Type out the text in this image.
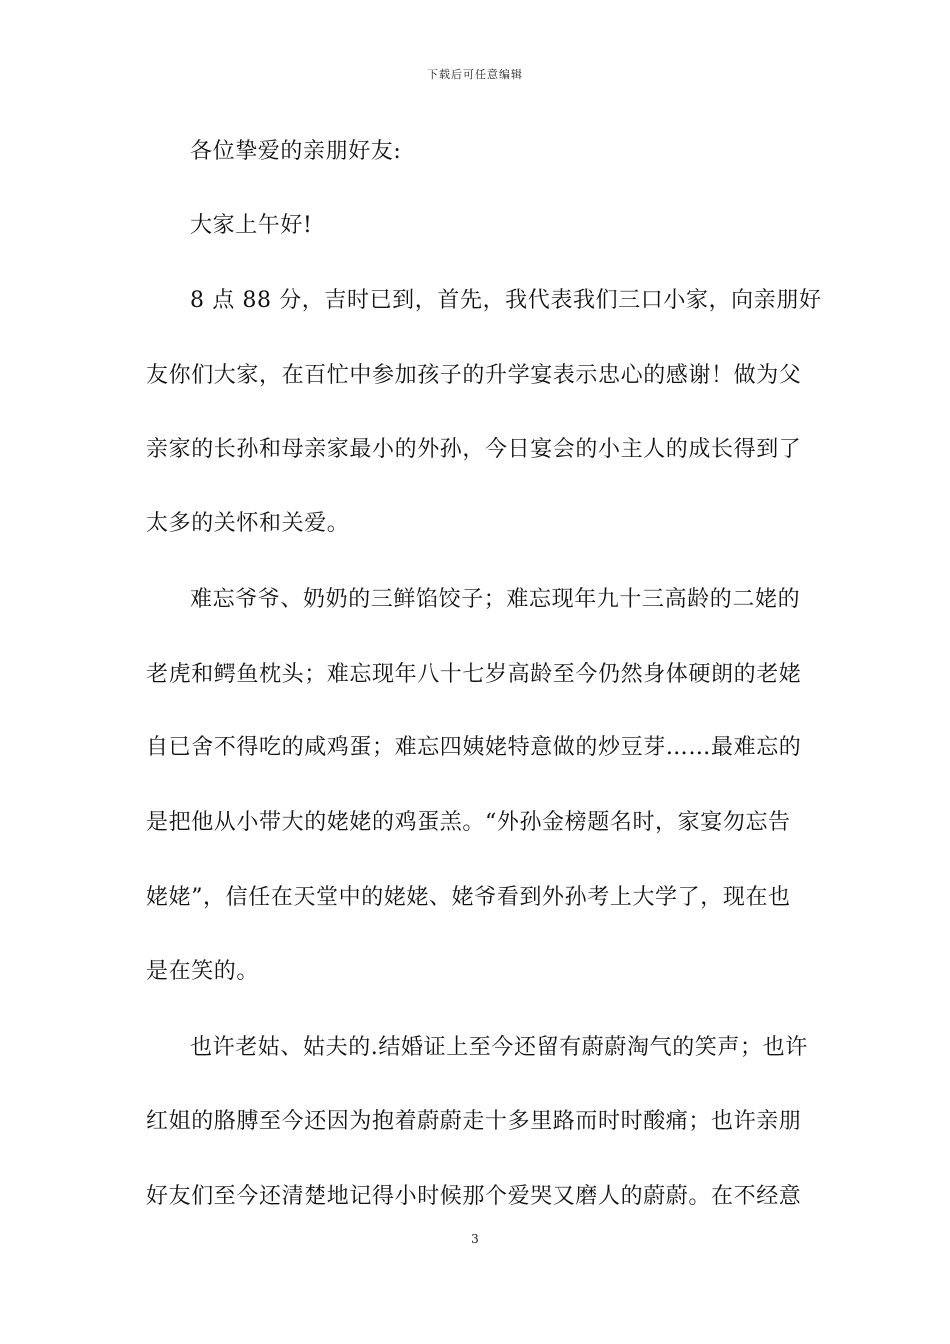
下载后可任意编辑
各位挚爱的亲朋好友:
大家上午好!
8 点 88 分，吉时已到，首先，我代表我们三口小家，向亲朋好
友你们大家，在百忙中参加孩子的升学宴表示忠心的感谢！做为父
亲家的长孙和母亲家最小的外孙，今日宴会的小主人的成长得到了
太多的关怀和关爱。
难忘爷爷、奶奶的三鲜馅饺子；难忘现年九十三高龄的二姥的
老虎和鳄鱼枕头；难忘现年八十七岁高龄至今仍然身体硬朗的老姥
自已舍不得吃的咸鸡蛋；难忘四姨姥特意做的炒豆芽……最难忘的
是把他从小带大的姥姥的鸡蛋羔。“外孙金榜题名时，家宴勿忘告
姥姥”，信任在天堂中的姥姥、姥爷看到外孙考上大学了，现在也
是在笑的。
也许老姑、姑夫的.结婚证上至今还留有蔚蔚淘气的笑声；也许
红姐的胳膊至今还因为抱着蔚蔚走十多里路而时时酸痛；也许亲朋
好友们至今还清楚地记得小时候那个爱哭又磨人的蔚蔚。在不经意
3
